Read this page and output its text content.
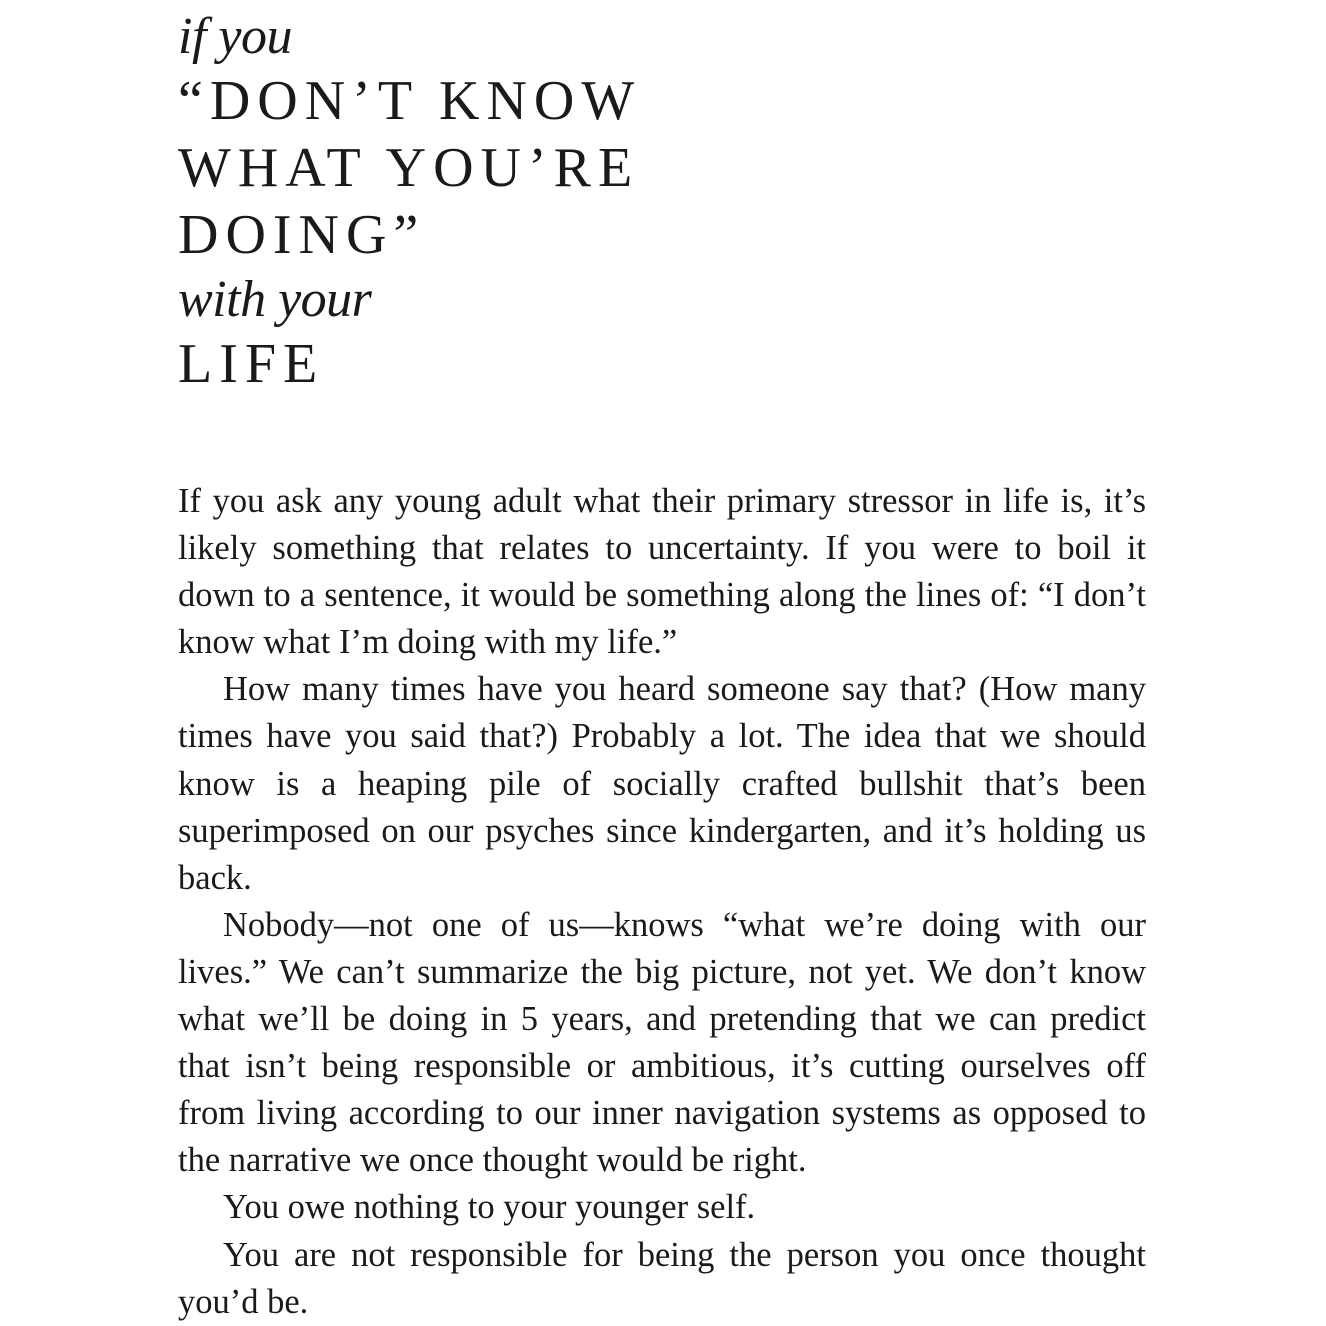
if you
“DON’T KNOW
WHAT YOU’RE
DOING”
with your
LIFE

If you ask any young adult what their primary stressor in life is, it’s likely something that relates to uncertainty. If you were to boil it down to a sentence, it would be something along the lines of: “I don’t know what I’m doing with my life.”

How many times have you heard someone say that? (How many times have you said that?) Probably a lot. The idea that we should know is a heaping pile of socially crafted bullshit that’s been superimposed on our psyches since kindergarten, and it’s holding us back.

Nobody—not one of us—knows “what we’re doing with our lives.” We can’t summarize the big picture, not yet. We don’t know what we’ll be doing in 5 years, and pretending that we can predict that isn’t being responsible or ambitious, it’s cutting ourselves off from living according to our inner navigation systems as opposed to the narrative we once thought would be right.

You owe nothing to your younger self.

You are not responsible for being the person you once thought you’d be.
